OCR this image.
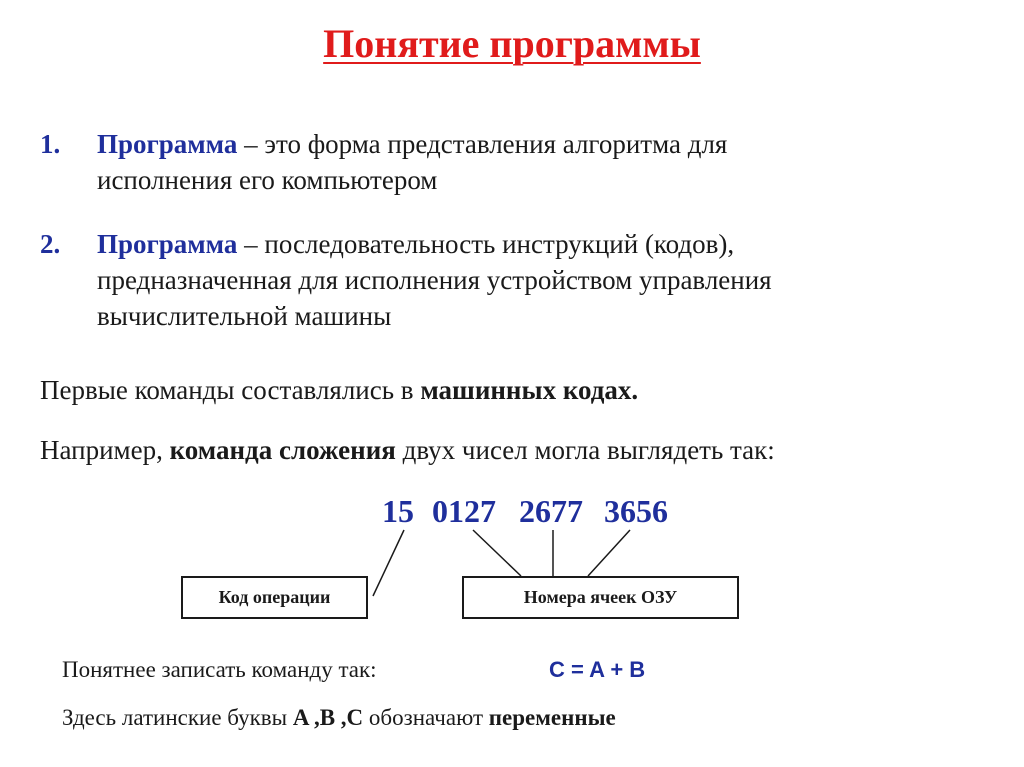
Понятие программы
1. Программа – это форма представления алгоритма для
исполнения его компьютером
2. Программа – последовательность инструкций (кодов),
предназначенная для исполнения устройством управления
вычислительной машины
Первые команды составлялись в машинных кодах.
Например, команда сложения двух чисел могла выглядеть так:
15 0127 2677 3656
Код операции	Номера ячеек ОЗУ
Понятнее записать команду так:	C = A + B
Здесь латинские буквы A ,B ,C обозначают переменные
